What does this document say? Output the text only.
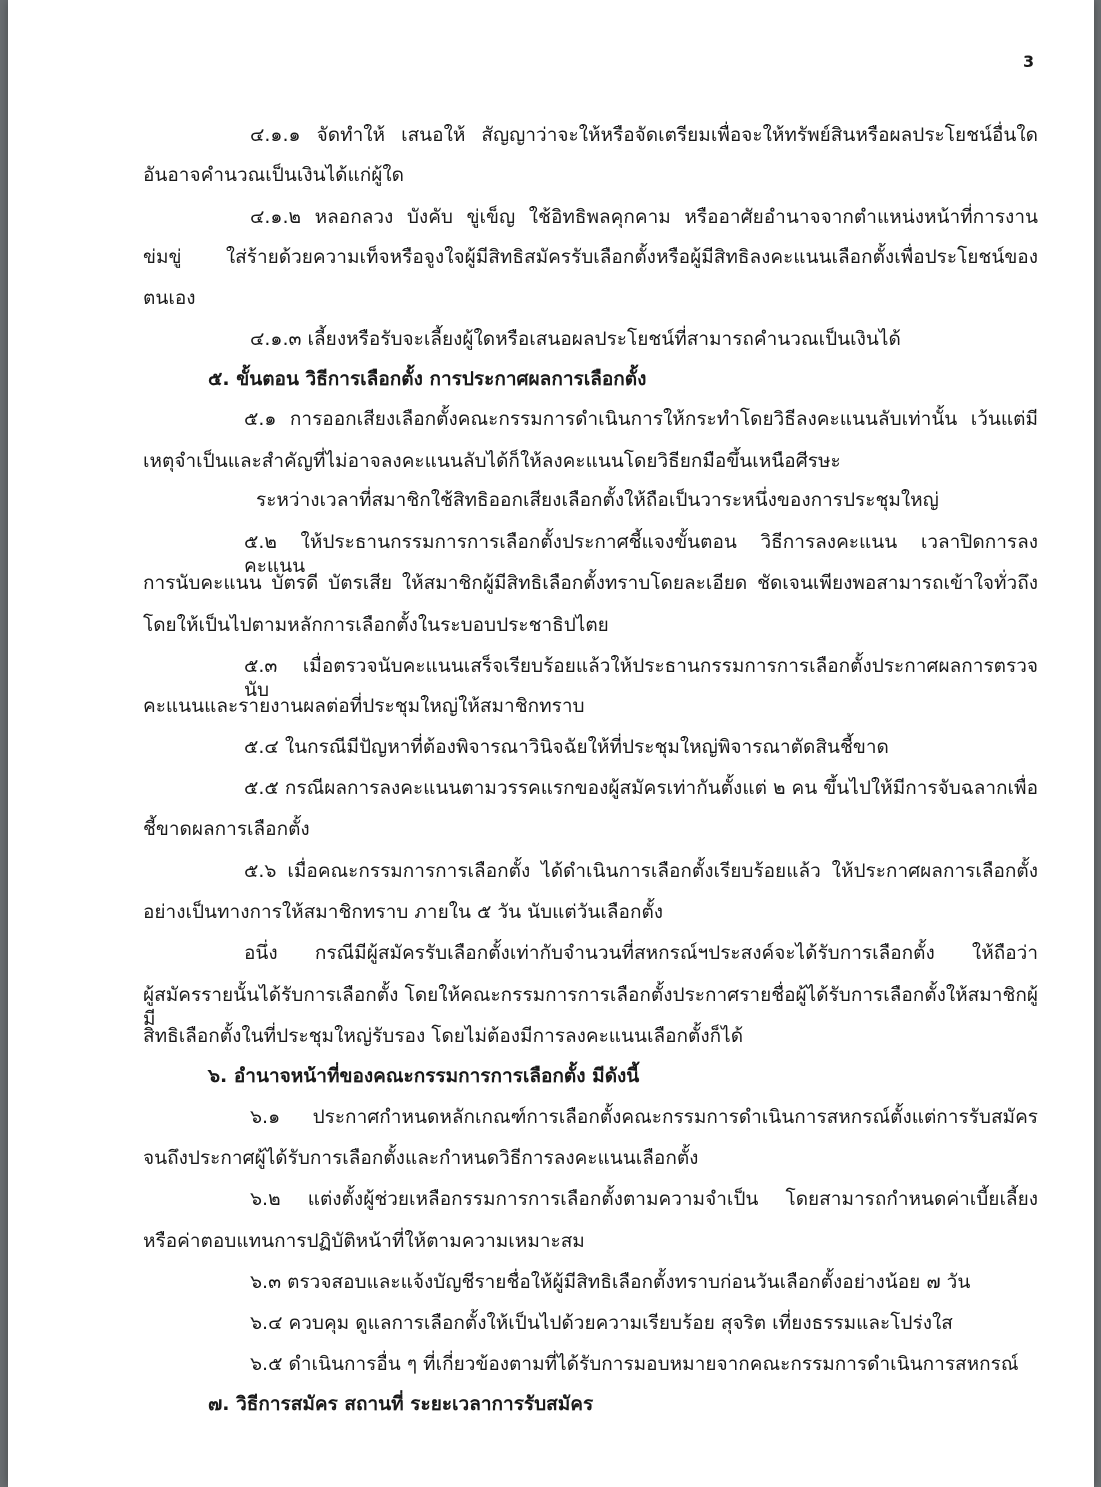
3
๔.๑.๑ จัดทำให้ เสนอให้ สัญญาว่าจะให้หรือจัดเตรียมเพื่อจะให้ทรัพย์สินหรือผลประโยชน์อื่นใด
อันอาจคำนวณเป็นเงินได้แก่ผู้ใด
๔.๑.๒ หลอกลวง บังคับ ขู่เข็ญ ใช้อิทธิพลคุกคาม หรืออาศัยอำนาจจากตำแหน่งหน้าที่การงาน
ข่มขู่ ใส่ร้ายด้วยความเท็จหรือจูงใจผู้มีสิทธิสมัครรับเลือกตั้งหรือผู้มีสิทธิลงคะแนนเลือกตั้งเพื่อประโยชน์ของ
ตนเอง
๔.๑.๓ เลี้ยงหรือรับจะเลี้ยงผู้ใดหรือเสนอผลประโยชน์ที่สามารถคำนวณเป็นเงินได้
๕. ขั้นตอน วิธีการเลือกตั้ง การประกาศผลการเลือกตั้ง
๕.๑ การออกเสียงเลือกตั้งคณะกรรมการดำเนินการให้กระทำโดยวิธีลงคะแนนลับเท่านั้น เว้นแต่มี
เหตุจำเป็นและสำคัญที่ไม่อาจลงคะแนนลับได้ก็ให้ลงคะแนนโดยวิธียกมือขึ้นเหนือศีรษะ
ระหว่างเวลาที่สมาชิกใช้สิทธิออกเสียงเลือกตั้งให้ถือเป็นวาระหนึ่งของการประชุมใหญ่
๕.๒ ให้ประธานกรรมการการเลือกตั้งประกาศชี้แจงขั้นตอน วิธีการลงคะแนน เวลาปิดการลงคะแนน
การนับคะแนน บัตรดี บัตรเสีย ให้สมาชิกผู้มีสิทธิเลือกตั้งทราบโดยละเอียด ชัดเจนเพียงพอสามารถเข้าใจทั่วถึง
โดยให้เป็นไปตามหลักการเลือกตั้งในระบอบประชาธิปไตย
๕.๓ เมื่อตรวจนับคะแนนเสร็จเรียบร้อยแล้วให้ประธานกรรมการการเลือกตั้งประกาศผลการตรวจนับ
คะแนนและรายงานผลต่อที่ประชุมใหญ่ให้สมาชิกทราบ
๕.๔ ในกรณีมีปัญหาที่ต้องพิจารณาวินิจฉัยให้ที่ประชุมใหญ่พิจารณาตัดสินชี้ขาด
๕.๕ กรณีผลการลงคะแนนตามวรรคแรกของผู้สมัครเท่ากันตั้งแต่ ๒ คน ขึ้นไปให้มีการจับฉลากเพื่อ
ชี้ขาดผลการเลือกตั้ง
๕.๖ เมื่อคณะกรรมการการเลือกตั้ง ได้ดำเนินการเลือกตั้งเรียบร้อยแล้ว ให้ประกาศผลการเลือกตั้ง
อย่างเป็นทางการให้สมาชิกทราบ ภายใน ๕ วัน นับแต่วันเลือกตั้ง
อนึ่ง กรณีมีผู้สมัครรับเลือกตั้งเท่ากับจำนวนที่สหกรณ์ฯประสงค์จะได้รับการเลือกตั้ง ให้ถือว่า
ผู้สมัครรายนั้นได้รับการเลือกตั้ง โดยให้คณะกรรมการการเลือกตั้งประกาศรายชื่อผู้ได้รับการเลือกตั้งให้สมาชิกผู้มี
สิทธิเลือกตั้งในที่ประชุมใหญ่รับรอง โดยไม่ต้องมีการลงคะแนนเลือกตั้งก็ได้
๖. อำนาจหน้าที่ของคณะกรรมการการเลือกตั้ง มีดังนี้
๖.๑ ประกาศกำหนดหลักเกณฑ์การเลือกตั้งคณะกรรมการดำเนินการสหกรณ์ตั้งแต่การรับสมัคร
จนถึงประกาศผู้ได้รับการเลือกตั้งและกำหนดวิธีการลงคะแนนเลือกตั้ง
๖.๒ แต่งตั้งผู้ช่วยเหลือกรรมการการเลือกตั้งตามความจำเป็น โดยสามารถกำหนดค่าเบี้ยเลี้ยง
หรือค่าตอบแทนการปฏิบัติหน้าที่ให้ตามความเหมาะสม
๖.๓ ตรวจสอบและแจ้งบัญชีรายชื่อให้ผู้มีสิทธิเลือกตั้งทราบก่อนวันเลือกตั้งอย่างน้อย ๗ วัน
๖.๔ ควบคุม ดูแลการเลือกตั้งให้เป็นไปด้วยความเรียบร้อย สุจริต เที่ยงธรรมและโปร่งใส
๖.๕ ดำเนินการอื่น ๆ ที่เกี่ยวข้องตามที่ได้รับการมอบหมายจากคณะกรรมการดำเนินการสหกรณ์
๗. วิธีการสมัคร สถานที่ ระยะเวลาการรับสมัคร
